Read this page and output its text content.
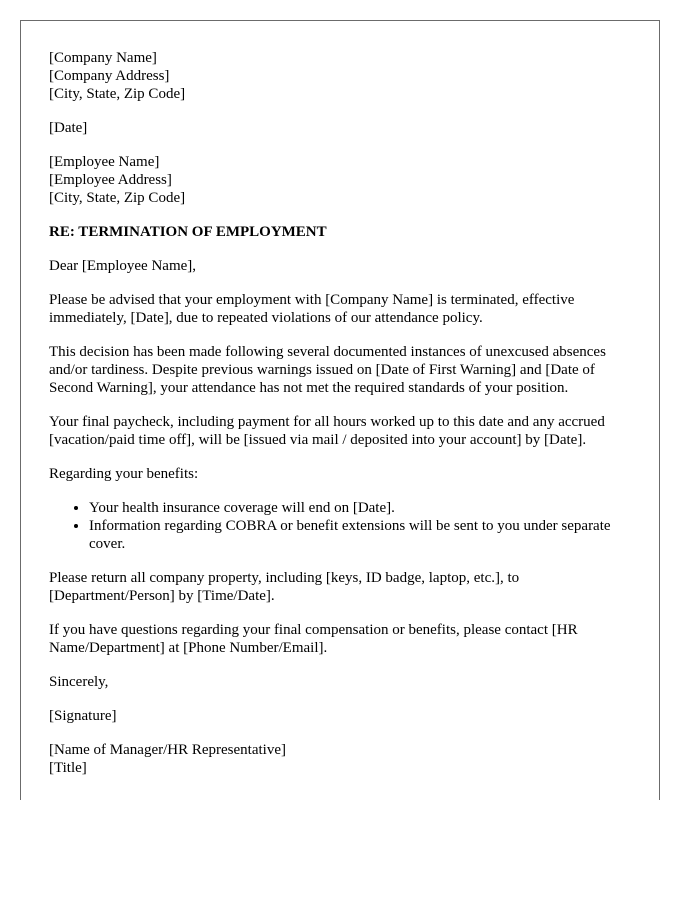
[Company Name]
[Company Address]
[City, State, Zip Code]
[Date]
[Employee Name]
[Employee Address]
[City, State, Zip Code]
RE: TERMINATION OF EMPLOYMENT

Dear [Employee Name],

Please be advised that your employment with [Company Name] is terminated, effective immediately, [Date], due to repeated violations of our attendance policy.

This decision has been made following several documented instances of unexcused absences and/or tardiness. Despite previous warnings issued on [Date of First Warning] and [Date of Second Warning], your attendance has not met the required standards of your position.

Your final paycheck, including payment for all hours worked up to this date and any accrued [vacation/paid time off], will be [issued via mail / deposited into your account] by [Date].

Regarding your benefits:

• Your health insurance coverage will end on [Date].
• Information regarding COBRA or benefit extensions will be sent to you under separate cover.

Please return all company property, including [keys, ID badge, laptop, etc.], to [Department/Person] by [Time/Date].

If you have questions regarding your final compensation or benefits, please contact [HR Name/Department] at [Phone Number/Email].

Sincerely,

[Signature]

[Name of Manager/HR Representative]
[Title]
